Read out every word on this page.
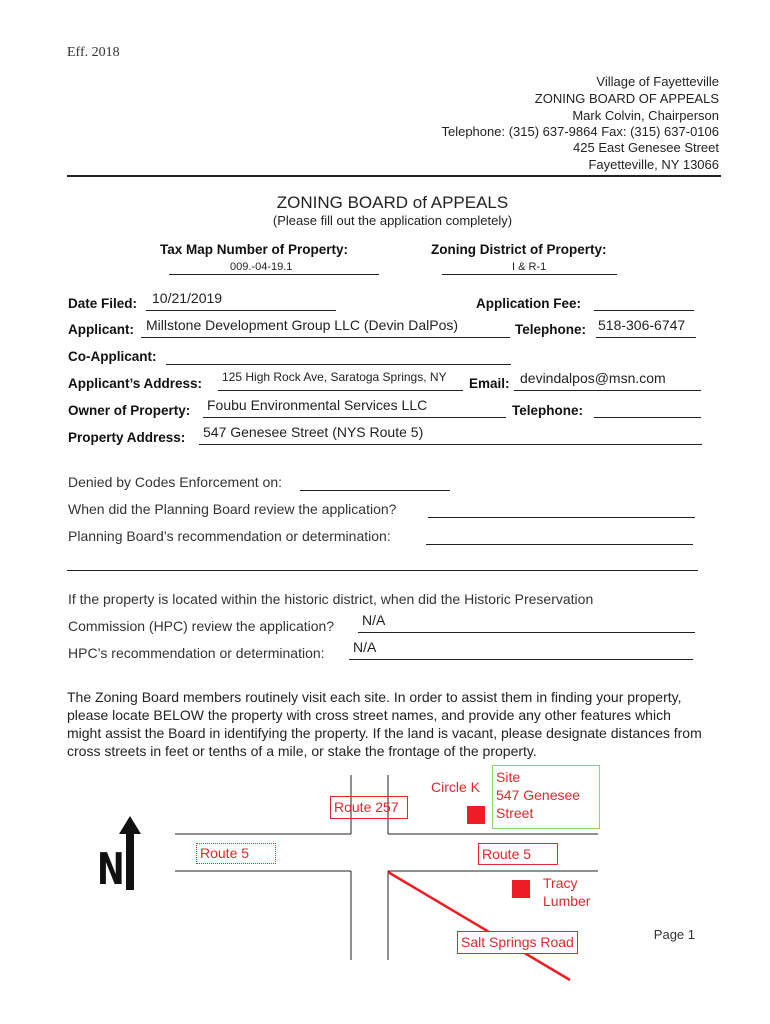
Eff. 2018
Village of Fayetteville
ZONING BOARD OF APPEALS
Mark Colvin, Chairperson
Telephone: (315) 637-9864 Fax: (315) 637-0106
425 East Genesee Street
Fayetteville, NY 13066
ZONING BOARD of APPEALS
(Please fill out the application completely)
Tax Map Number of Property:
009.-04-19.1
Zoning District of Property:
I & R-1
Date Filed: 10/21/2019	Application Fee:
Applicant: Millstone Development Group LLC (Devin DalPos)	Telephone: 518-306-6747
Co-Applicant:
Applicant’s Address: 125 High Rock Ave, Saratoga Springs, NY Email: devindalpos@msn.com
Owner of Property: Foubu Environmental Services LLC	Telephone:
Property Address: 547 Genesee Street (NYS Route 5)
Denied by Codes Enforcement on:
When did the Planning Board review the application?
Planning Board’s recommendation or determination:
If the property is located within the historic district, when did the Historic Preservation
Commission (HPC) review the application? N/A
HPC’s recommendation or determination: N/A
The Zoning Board members routinely visit each site. In order to assist them in finding your property, please locate BELOW the property with cross street names, and provide any other features which might assist the Board in identifying the property. If the land is vacant, please designate distances from cross streets in feet or tenths of a mile, or stake the frontage of the property.
N
Route 257
Circle K
Site
547 Genesee
Street
Route 5	Route 5
Tracy
Lumber
Salt Springs Road	Page 1
